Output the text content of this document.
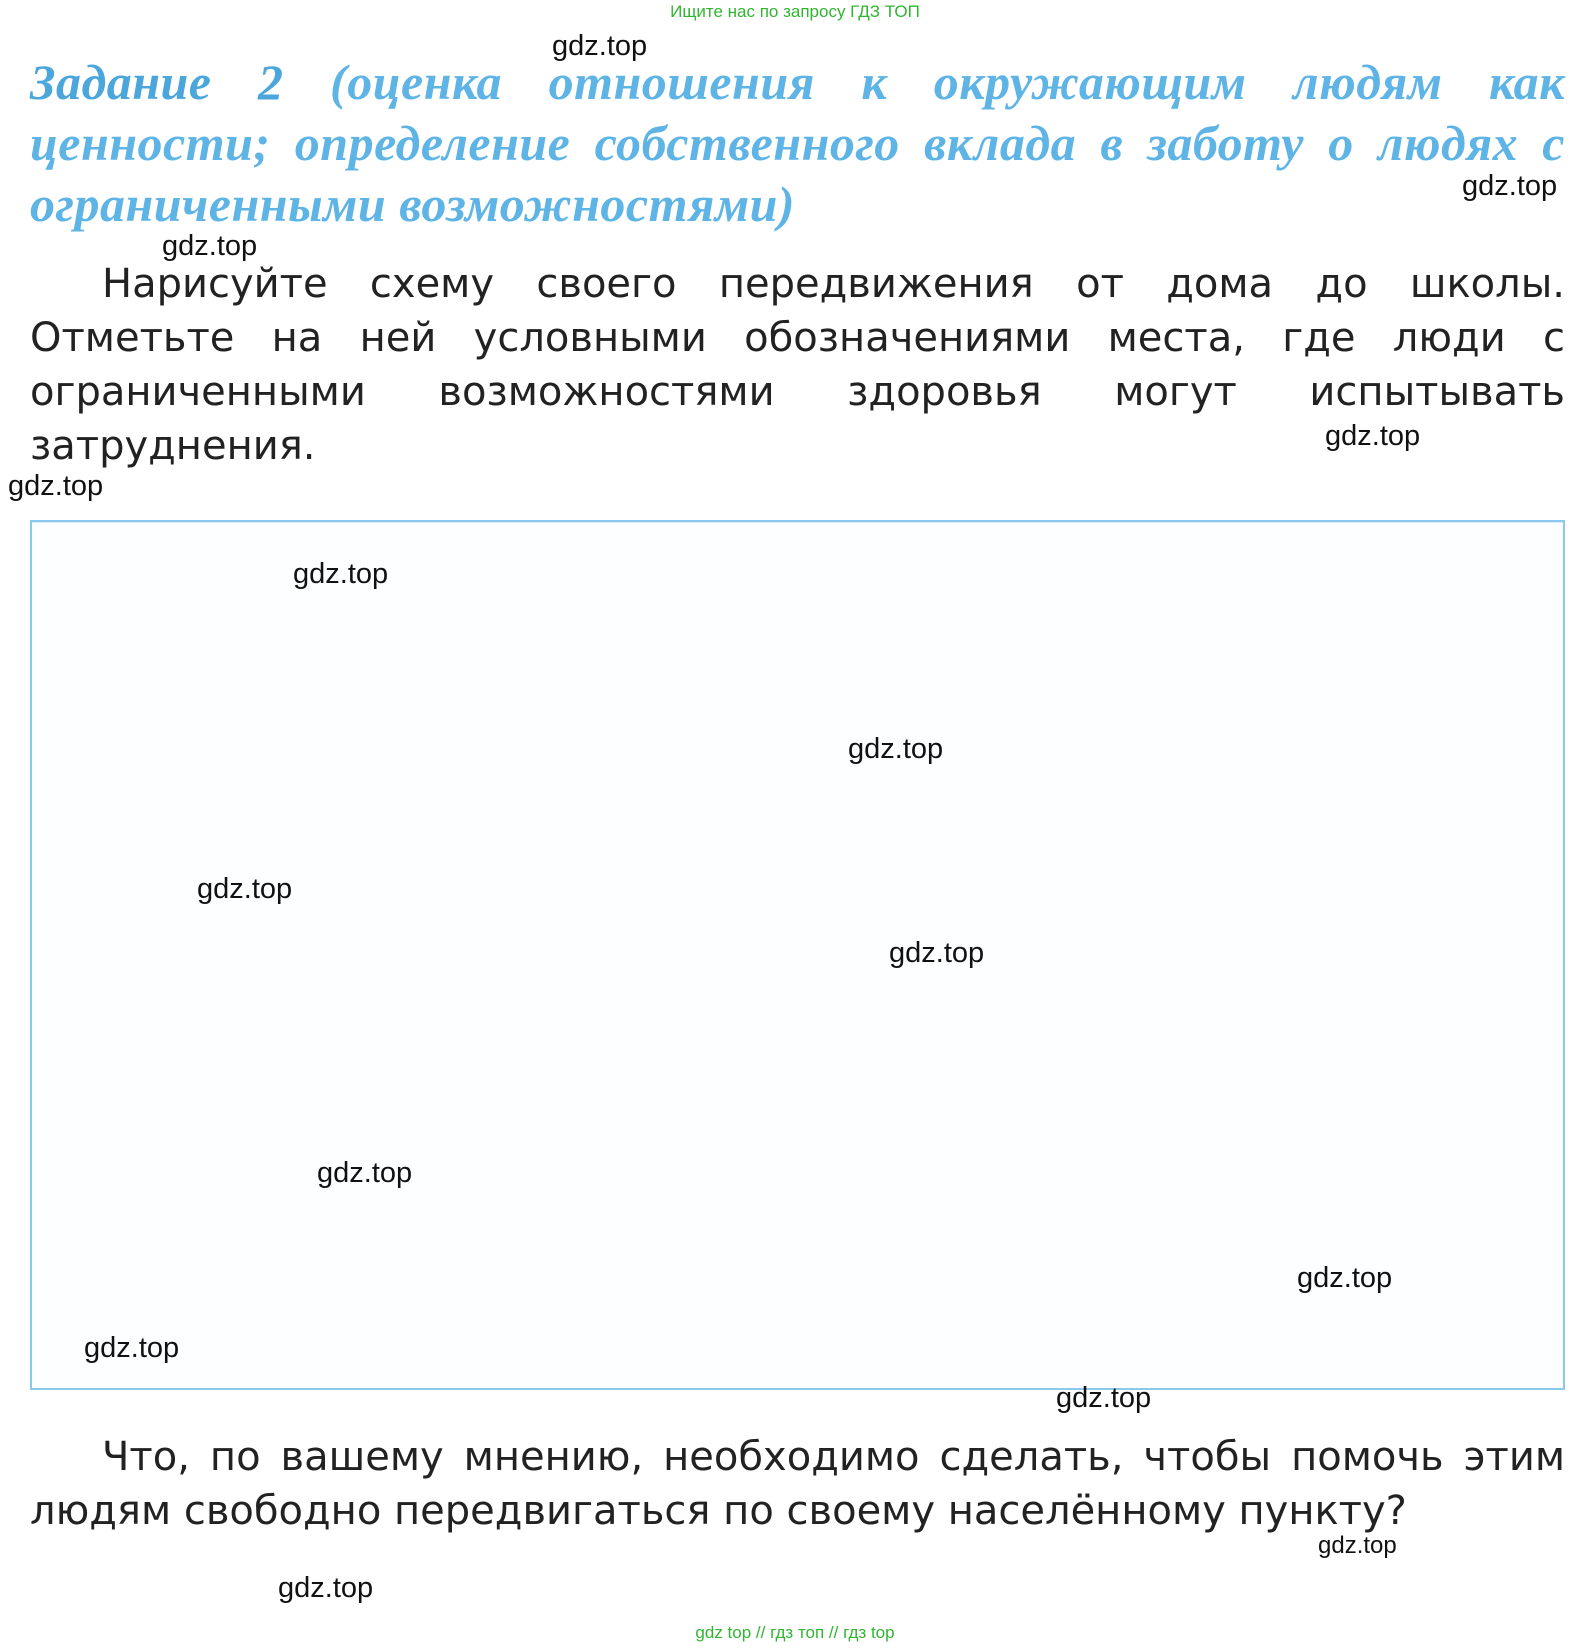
Ищите нас по запросу ГДЗ ТОП
Задание 2 (оценка отношения к окружающим людям как ценности; определение собственного вклада в заботу о людях с ограниченными возможностями)
Нарисуйте схему своего передвижения от дома до школы. Отметьте на ней условными обозначениями места, где люди с ограниченными возможностями здоровья могут испытывать затруднения.
Что, по вашему мнению, необходимо сделать, чтобы помочь этим людям свободно передвигаться по своему населённому пункту?
gdz.top
gdz.top
gdz.top
gdz.top
gdz.top
gdz.top
gdz.top
gdz.top
gdz.top
gdz.top
gdz.top
gdz.top
gdz.top
gdz.top
gdz.top
gdz top // гдз топ // гдз top
